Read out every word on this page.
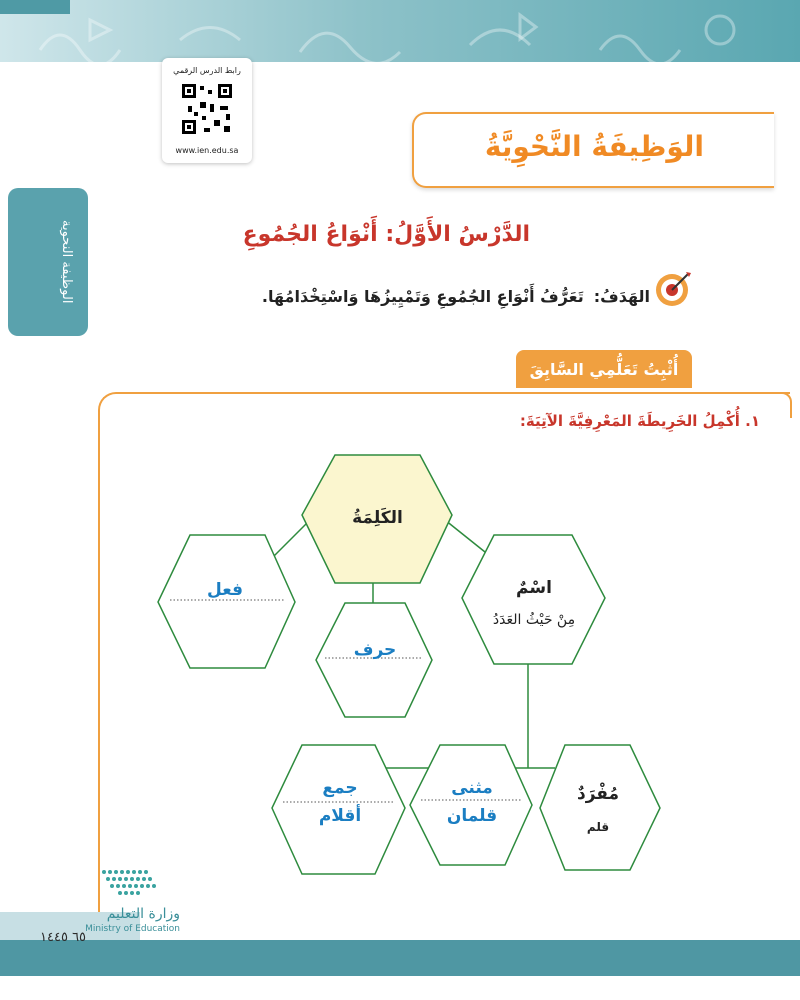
رابط الدرس الرقمي
www.ien.edu.sa	الوَظِيفَةُ النَّحْوِيَّةُ
الوظيفة النحوية	الدَّرْسُ الأَوَّلُ: أَنْوَاعُ الجُمُوعِ
الهَدَفُ:
تَعَرُّفُ أَنْوَاعِ الجُمُوعِ وَتَمْيِيزُهَا وَاسْتِخْدَامُهَا.
أُثْبِتُ تَعَلُّمِي السَّابِقَ
١. أُكْمِلُ الخَرِيطَةَ المَعْرِفِيَّةَ الآتِيَةَ:
الكَلِمَةُ
فعل
حرف
اسْمٌ
مِنْ حَيْثُ العَدَدُ
جمع
أقلام
مثنى
قلمان
مُفْرَدٌ
قلم
وزارة التعليم
Ministry of Education
٦٥ ١٤٤٥
